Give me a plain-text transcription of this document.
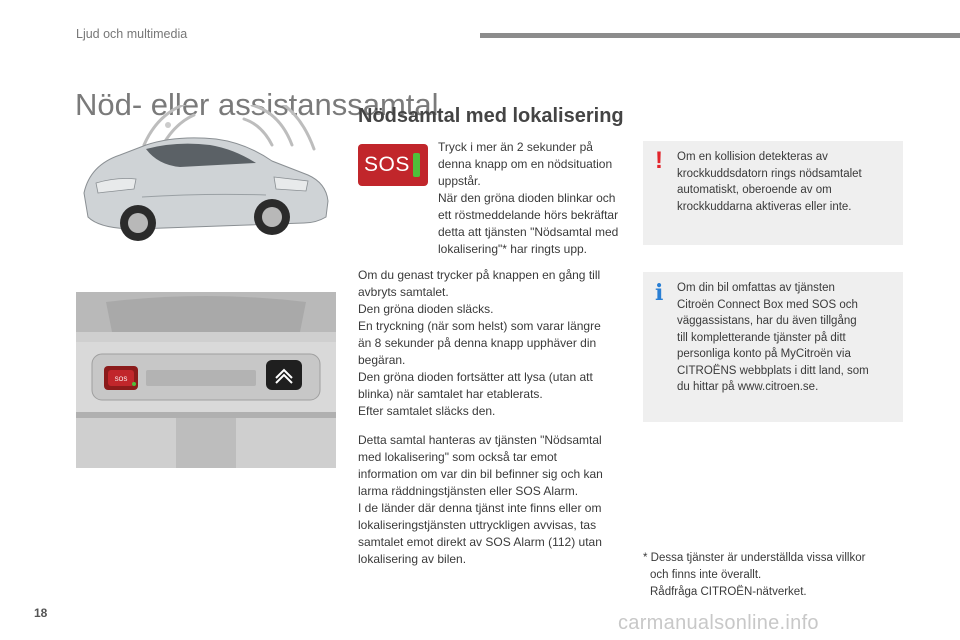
Ljud och multimedia
Nöd- eller assistanssamtal
Nödsamtal med lokalisering
SOS
SOS

Tryck i mer än 2 sekunder på

denna knapp om en nödsituation

uppstår.

När den gröna dioden blinkar och

ett röstmeddelande hörs bekräftar

detta att tjänsten "Nödsamtal med

lokalisering"* har ringts upp.

Om du genast trycker på knappen en gång till

avbryts samtalet.

Den gröna dioden släcks.

En tryckning (när som helst) som varar längre

än 8 sekunder på denna knapp upphäver din

begäran.

Den gröna dioden fortsätter att lysa (utan att

blinka) när samtalet har etablerats.

Efter samtalet släcks den.

Detta samtal hanteras av tjänsten "Nödsamtal

med lokalisering" som också tar emot

information om var din bil befinner sig och kan

larma räddningstjänsten eller SOS Alarm.

I de länder där denna tjänst inte finns eller om

lokaliseringstjänsten uttryckligen avvisas, tas

samtalet emot direkt av SOS Alarm (112) utan

lokalisering av bilen.

! Om en kollision detekteras av

krockkuddsdatorn rings nödsamtalet

automatiskt, oberoende av om

krockkuddarna aktiveras eller inte.

i Om din bil omfattas av tjänsten

Citroën Connect Box med SOS och

väggassistans, har du även tillgång

till kompletterande tjänster på ditt

personliga konto på MyCitroën via

CITROËNS webbplats i ditt land, som

du hittar på www.citroen.se.

* Dessa tjänster är underställda vissa villkor

och finns inte överallt.

Rådfråga CITROËN-nätverket.

18	carmanualsonline.info
